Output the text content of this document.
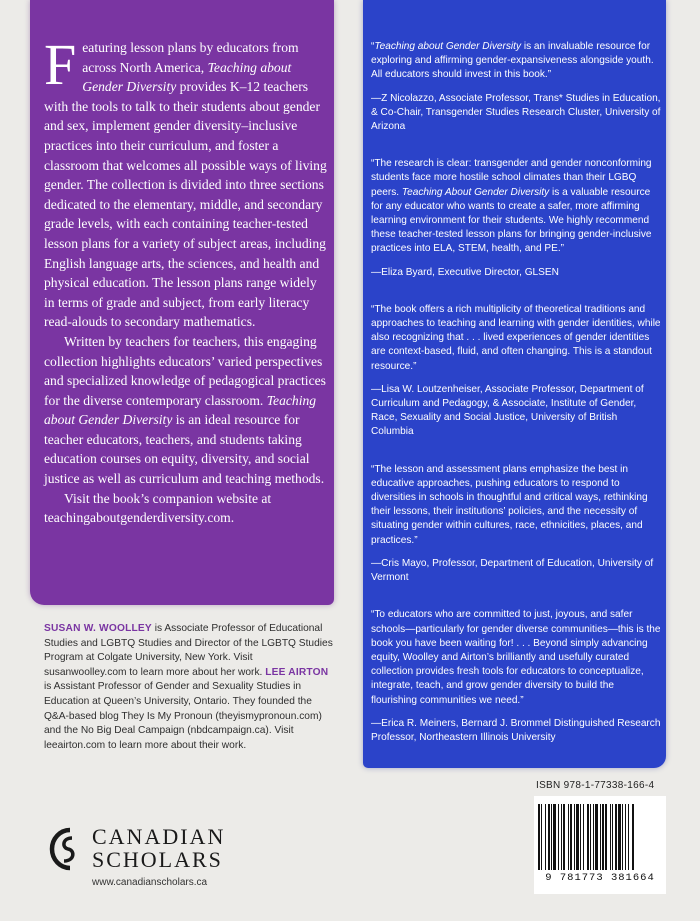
Featuring lesson plans by educators from across North America, Teaching about Gender Diversity provides K–12 teachers with the tools to talk to their students about gender and sex, implement gender diversity–inclusive practices into their curriculum, and foster a classroom that welcomes all possible ways of living gender. The collection is divided into three sections dedicated to the elementary, middle, and secondary grade levels, with each containing teacher-tested lesson plans for a variety of subject areas, including English language arts, the sciences, and health and physical education. The lesson plans range widely in terms of grade and subject, from early literacy read-alouds to secondary mathematics.

Written by teachers for teachers, this engaging collection highlights educators’ varied perspectives and specialized knowledge of pedagogical practices for the diverse contemporary classroom. Teaching about Gender Diversity is an ideal resource for teacher educators, teachers, and students taking education courses on equity, diversity, and social justice as well as curriculum and teaching methods.

Visit the book’s companion website at teachingaboutgenderdiversity.com.

“Teaching about Gender Diversity is an invaluable resource for exploring and affirming gender-expansiveness alongside youth. All educators should invest in this book.”

—Z Nicolazzo, Associate Professor, Trans* Studies in Education, & Co-Chair, Transgender Studies Research Cluster, University of Arizona

“The research is clear: transgender and gender nonconforming students face more hostile school climates than their LGBQ peers. Teaching About Gender Diversity is a valuable resource for any educator who wants to create a safer, more affirming learning environment for their students. We highly recommend these teacher-tested lesson plans for bringing gender-inclusive practices into ELA, STEM, health, and PE.”

—Eliza Byard, Executive Director, GLSEN

“The book offers a rich multiplicity of theoretical traditions and approaches to teaching and learning with gender identities, while also recognizing that . . . lived experiences of gender identities are context-based, fluid, and often changing. This is a standout resource.”

—Lisa W. Loutzenheiser, Associate Professor, Department of Curriculum and Pedagogy, & Associate, Institute of Gender, Race, Sexuality and Social Justice, University of British Columbia

“The lesson and assessment plans emphasize the best in educative approaches, pushing educators to respond to diversities in schools in thoughtful and critical ways, rethinking their lessons, their institutions’ policies, and the necessity of situating gender within cultures, race, ethnicities, places, and practices.”

—Cris Mayo, Professor, Department of Education, University of Vermont

“To educators who are committed to just, joyous, and safer schools—particularly for gender diverse communities—this is the book you have been waiting for! . . . Beyond simply advancing equity, Woolley and Airton’s brilliantly and usefully curated collection provides fresh tools for educators to conceptualize, integrate, teach, and grow gender diversity to build the flourishing communities we need.”

—Erica R. Meiners, Bernard J. Brommel Distinguished Research Professor, Northeastern Illinois University

SUSAN W. WOOLLEY is Associate Professor of Educational Studies and LGBTQ Studies and Director of the LGBTQ Studies Program at Colgate University, New York. Visit susanwoolley.com to learn more about her work. LEE AIRTON is Assistant Professor of Gender and Sexuality Studies in Education at Queen’s University, Ontario. They founded the Q&A-based blog They Is My Pronoun (theyismypronoun.com) and the No Big Deal Campaign (nbdcampaign.ca). Visit leeairton.com to learn more about their work.
CANADIAN
SCHOLARS
www.canadianscholars.ca
ISBN 978-1-77338-166-4
9 781773 381664
